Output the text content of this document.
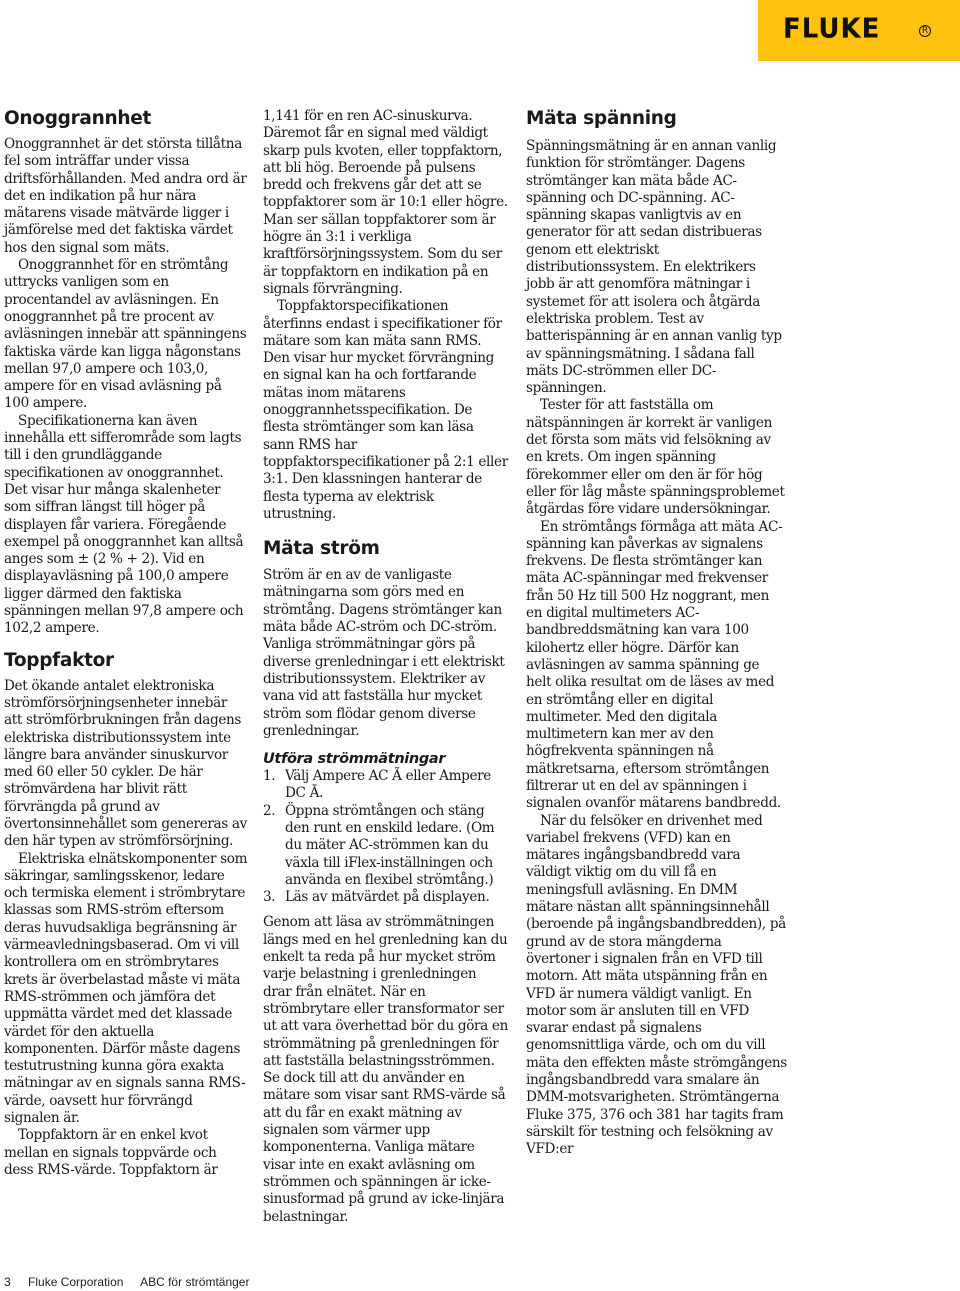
FLUKE	R
Onoggrannhet

Onoggrannhet är det största tillåtna fel som inträffar under vissa driftsförhållanden. Med andra ord är det en indikation på hur nära mätarens visade mätvärde ligger i jämförelse med det faktiska värdet hos den signal som mäts.

Onoggrannhet för en strömtång uttrycks vanligen som en procentandel av avläsningen. En onoggrannhet på tre procent av avläsningen innebär att spänningens faktiska värde kan ligga någonstans mellan 97,0 ampere och 103,0, ampere för en visad avläsning på 100 ampere.

Specifikationerna kan även innehålla ett sifferområde som lagts till i den grundläggande specifikationen av onoggrannhet. Det visar hur många skalenheter som siffran längst till höger på displayen får variera. Föregående exempel på onoggrannhet kan alltså anges som ± (2 % + 2). Vid en displayavläsning på 100,0 ampere ligger därmed den faktiska spänningen mellan 97,8 ampere och 102,2 ampere.

Toppfaktor

Det ökande antalet elektroniska strömförsörjningsenheter innebär att strömförbrukningen från dagens elektriska distributionssystem inte längre bara använder sinuskurvor med 60 eller 50 cykler. De här strömvärdena har blivit rätt förvrängda på grund av övertonsinnehållet som genereras av den här typen av strömförsörjning.

Elektriska elnätskomponenter som säkringar, samlingsskenor, ledare och termiska element i strömbrytare klassas som RMS-ström eftersom deras huvudsakliga begränsning är värmeavledningsbaserad. Om vi vill kontrollera om en strömbrytares krets är överbelastad måste vi mäta RMS-strömmen och jämföra det uppmätta värdet med det klassade värdet för den aktuella komponenten. Därför måste dagens testutrustning kunna göra exakta mätningar av en signals sanna RMS-värde, oavsett hur förvrängd signalen är.

Toppfaktorn är en enkel kvot mellan en signals toppvärde och dess RMS-värde. Toppfaktorn är

1,141 för en ren AC-sinuskurva. Däremot får en signal med väldigt skarp puls kvoten, eller toppfaktorn, att bli hög. Beroende på pulsens bredd och frekvens går det att se toppfaktorer som är 10:1 eller högre. Man ser sällan toppfaktorer som är högre än 3:1 i verkliga kraftförsörjningssystem. Som du ser är toppfaktorn en indikation på en signals förvrängning.

Toppfaktorspecifikationen återfinns endast i specifikationer för mätare som kan mäta sann RMS. Den visar hur mycket förvrängning en signal kan ha och fortfarande mätas inom mätarens onoggrannhetsspecifikation. De flesta strömtänger som kan läsa sann RMS har toppfaktorspecifikationer på 2:1 eller 3:1. Den klassningen hanterar de flesta typerna av elektrisk utrustning.

Mäta ström

Ström är en av de vanligaste mätningarna som görs med en strömtång. Dagens strömtänger kan mäta både AC-ström och DC-ström. Vanliga strömmätningar görs på diverse grenledningar i ett elektriskt distributionssystem. Elektriker av vana vid att fastställa hur mycket ström som flödar genom diverse grenledningar.

Utföra strömmätningar
1. Välj Ampere AC Ã eller Ampere DC Ā.
2. Öppna strömtången och stäng den runt en enskild ledare. (Om du mäter AC-strömmen kan du växla till iFlex-inställningen och använda en flexibel strömtång.)
3. Läs av mätvärdet på displayen.

Genom att läsa av strömmätningen längs med en hel grenledning kan du enkelt ta reda på hur mycket ström varje belastning i grenledningen drar från elnätet. När en strömbrytare eller transformator ser ut att vara överhettad bör du göra en strömmätning på grenledningen för att fastställa belastningsströmmen. Se dock till att du använder en mätare som visar sant RMS-värde så att du får en exakt mätning av signalen som värmer upp komponenterna. Vanliga mätare visar inte en exakt avläsning om strömmen och spänningen är icke-sinusformad på grund av icke-linjära belastningar.

Mäta spänning

Spänningsmätning är en annan vanlig funktion för strömtänger. Dagens strömtänger kan mäta både AC-spänning och DC-spänning. AC-spänning skapas vanligtvis av en generator för att sedan distribueras genom ett elektriskt distributionssystem. En elektrikers jobb är att genomföra mätningar i systemet för att isolera och åtgärda elektriska problem. Test av batterispänning är en annan vanlig typ av spänningsmätning. I sådana fall mäts DC-strömmen eller DC-spänningen.

Tester för att fastställa om nätspänningen är korrekt är vanligen det första som mäts vid felsökning av en krets. Om ingen spänning förekommer eller om den är för hög eller för låg måste spänningsproblemet åtgärdas före vidare undersökningar.

En strömtångs förmåga att mäta AC-spänning kan påverkas av signalens frekvens. De flesta strömtänger kan mäta AC-spänningar med frekvenser från 50 Hz till 500 Hz noggrant, men en digital multimeters AC-bandbreddsmätning kan vara 100 kilohertz eller högre. Därför kan avläsningen av samma spänning ge helt olika resultat om de läses av med en strömtång eller en digital multimeter. Med den digitala multimetern kan mer av den högfrekventa spänningen nå mätkretsarna, eftersom strömtången filtrerar ut en del av spänningen i signalen ovanför mätarens bandbredd.

När du felsöker en drivenhet med variabel frekvens (VFD) kan en mätares ingångsbandbredd vara väldigt viktig om du vill få en meningsfull avläsning. En DMM mätare nästan allt spänningsinnehåll (beroende på ingångsbandbredden), på grund av de stora mängderna övertoner i signalen från en VFD till motorn. Att mäta utspänning från en VFD är numera väldigt vanligt. En motor som är ansluten till en VFD svarar endast på signalens genomsnittliga värde, och om du vill mäta den effekten måste strömgångens ingångsbandbredd vara smalare än DMM-motsvarigheten. Strömtängerna Fluke 375, 376 och 381 har tagits fram särskilt för testning och felsökning av VFD:er

3 Fluke Corporation ABC för strömtänger
